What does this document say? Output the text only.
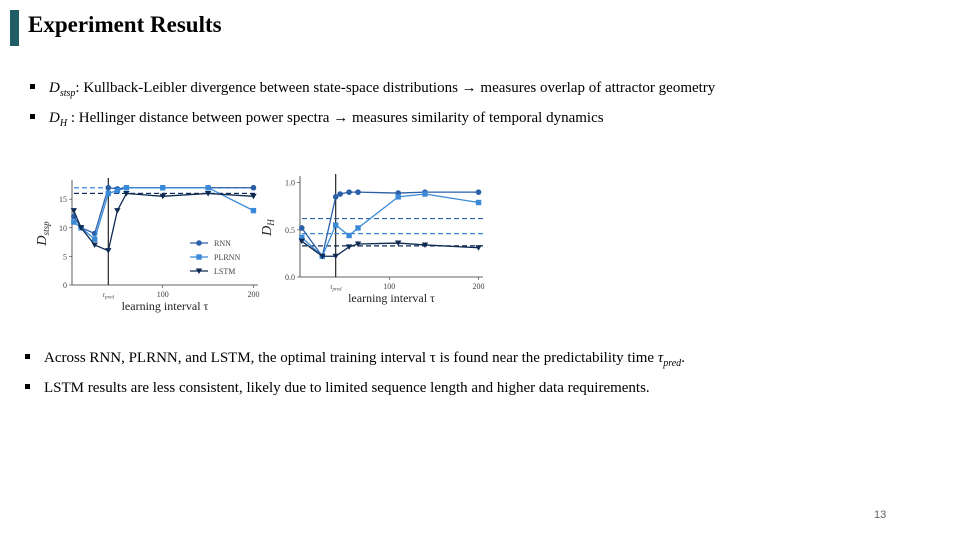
Experiment Results
$D_{stsp}$: Kullback-Leibler divergence between state-space distributions → measures overlap of attractor geometry
$D_H$ : Hellinger distance between power spectra → measures similarity of temporal dynamics
0
5
10
15
100	200
$\tau_{pred}$
learning interval τ
$D_{stsp}$
RNN
PLRNN
LSTM
0.0
0.5
1.0
100	200
$\tau_{pred}$
learning interval τ
$D_H$
Across RNN, PLRNN, and LSTM, the optimal training interval τ is found near the predictability time $\tau_{pred}$.
LSTM results are less consistent, likely due to limited sequence length and higher data requirements.
13
